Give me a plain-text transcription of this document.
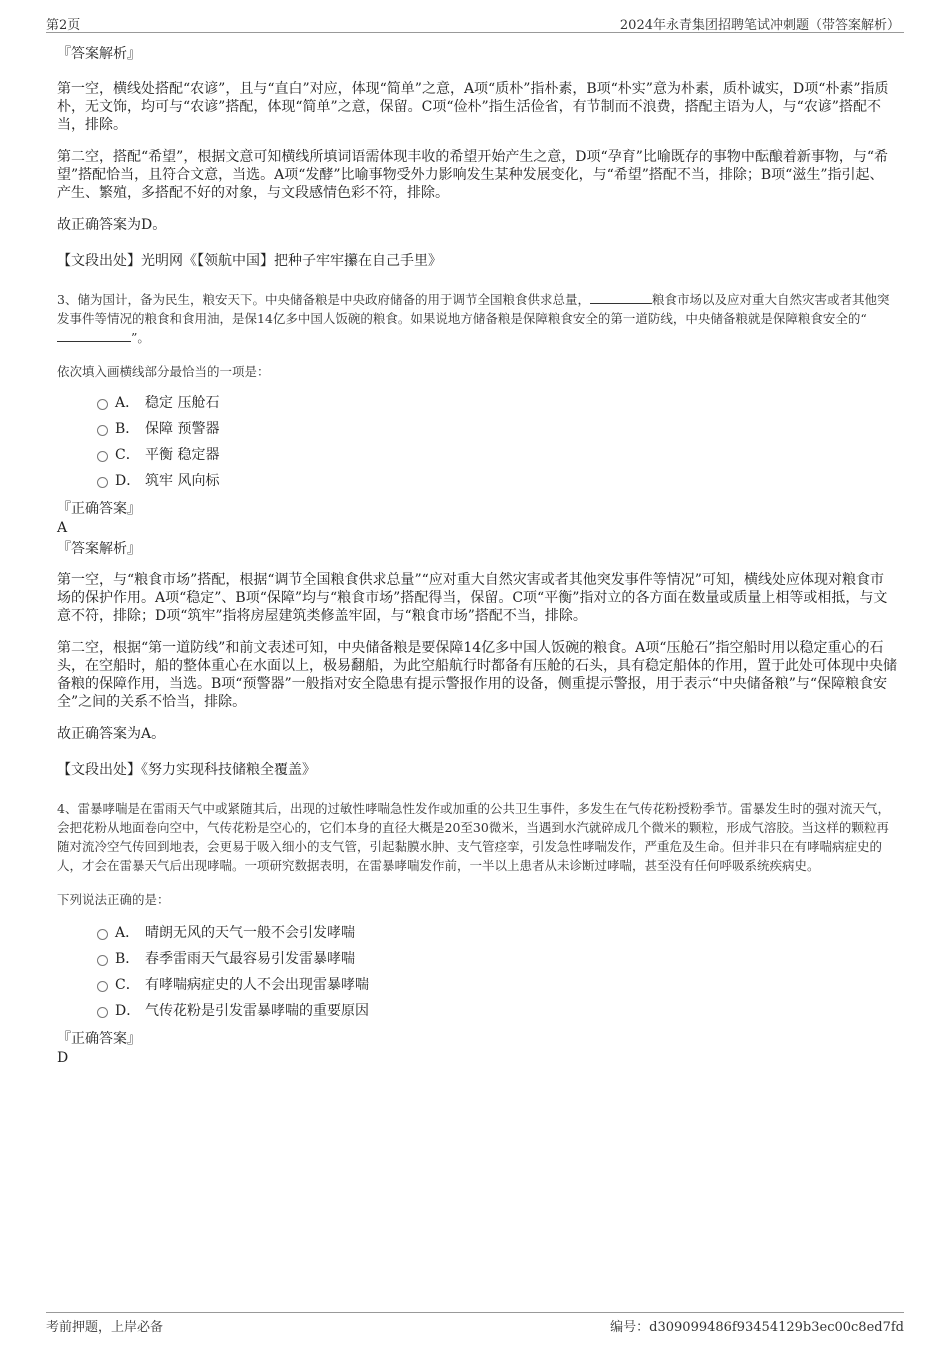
第2页	2024年永青集团招聘笔试冲刺题（带答案解析）

『答案解析』

第一空，横线处搭配“农谚”，且与“直白”对应，体现“简单”之意，A项“质朴”指朴素，B项“朴实”意为朴素，质朴诚实，D项“朴素”指质朴，无文饰，均可与“农谚”搭配，体现“简单”之意，保留。C项“俭朴”指生活俭省，有节制而不浪费，搭配主语为人，与“农谚”搭配不当，排除。

第二空，搭配“希望”，根据文意可知横线所填词语需体现丰收的希望开始产生之意，D项“孕育”比喻既存的事物中酝酿着新事物，与“希望”搭配恰当，且符合文意，当选。A项“发酵”比喻事物受外力影响发生某种发展变化，与“希望”搭配不当，排除；B项“滋生”指引起、产生、繁殖，多搭配不好的对象，与文段感情色彩不符，排除。

故正确答案为D。

【文段出处】光明网《【领航中国】把种子牢牢攥在自己手里》

3、储为国计，备为民生，粮安天下。中央储备粮是中央政府储备的用于调节全国粮食供求总量，	粮食市场以及应对重大自然灾害或者其他突发事件等情况的粮食和食用油，是保14亿多中国人饭碗的粮食。如果说地方储备粮是保障粮食安全的第一道防线，中央储备粮就是保障粮食安全的“”。

依次填入画横线部分最恰当的一项是：

A． 稳定 压舱石
B． 保障 预警器
C． 平衡 稳定器
D． 筑牢 风向标

『正确答案』

A

『答案解析』

第一空，与“粮食市场”搭配，根据“调节全国粮食供求总量”“应对重大自然灾害或者其他突发事件等情况”可知，横线处应体现对粮食市场的保护作用。A项“稳定”、B项“保障”均与“粮食市场”搭配得当，保留。C项“平衡”指对立的各方面在数量或质量上相等或相抵，与文意不符，排除；D项“筑牢”指将房屋建筑类修盖牢固，与“粮食市场”搭配不当，排除。

第二空，根据“第一道防线”和前文表述可知，中央储备粮是要保障14亿多中国人饭碗的粮食。A项“压舱石”指空船时用以稳定重心的石头，在空船时，船的整体重心在水面以上，极易翻船，为此空船航行时都备有压舱的石头，具有稳定船体的作用，置于此处可体现中央储备粮的保障作用，当选。B项“预警器”一般指对安全隐患有提示警报作用的设备，侧重提示警报，用于表示“中央储备粮”与“保障粮食安全”之间的关系不恰当，排除。

故正确答案为A。

【文段出处】《努力实现科技储粮全覆盖》

4、雷暴哮喘是在雷雨天气中或紧随其后，出现的过敏性哮喘急性发作或加重的公共卫生事件，多发生在气传花粉授粉季节。雷暴发生时的强对流天气，会把花粉从地面卷向空中，气传花粉是空心的，它们本身的直径大概是20至30微米，当遇到水汽就碎成几个微米的颗粒，形成气溶胶。当这样的颗粒再随对流冷空气传回到地表，会更易于吸入细小的支气管，引起黏膜水肿、支气管痉挛，引发急性哮喘发作，严重危及生命。但并非只在有哮喘病症史的人，才会在雷暴天气后出现哮喘。一项研究数据表明，在雷暴哮喘发作前，一半以上患者从未诊断过哮喘，甚至没有任何呼吸系统疾病史。

下列说法正确的是：

A． 晴朗无风的天气一般不会引发哮喘
B． 春季雷雨天气最容易引发雷暴哮喘
C． 有哮喘病症史的人不会出现雷暴哮喘
D． 气传花粉是引发雷暴哮喘的重要原因

『正确答案』

D

考前押题，上岸必备	编号：d309099486f93454129b3ec00c8ed7fd
